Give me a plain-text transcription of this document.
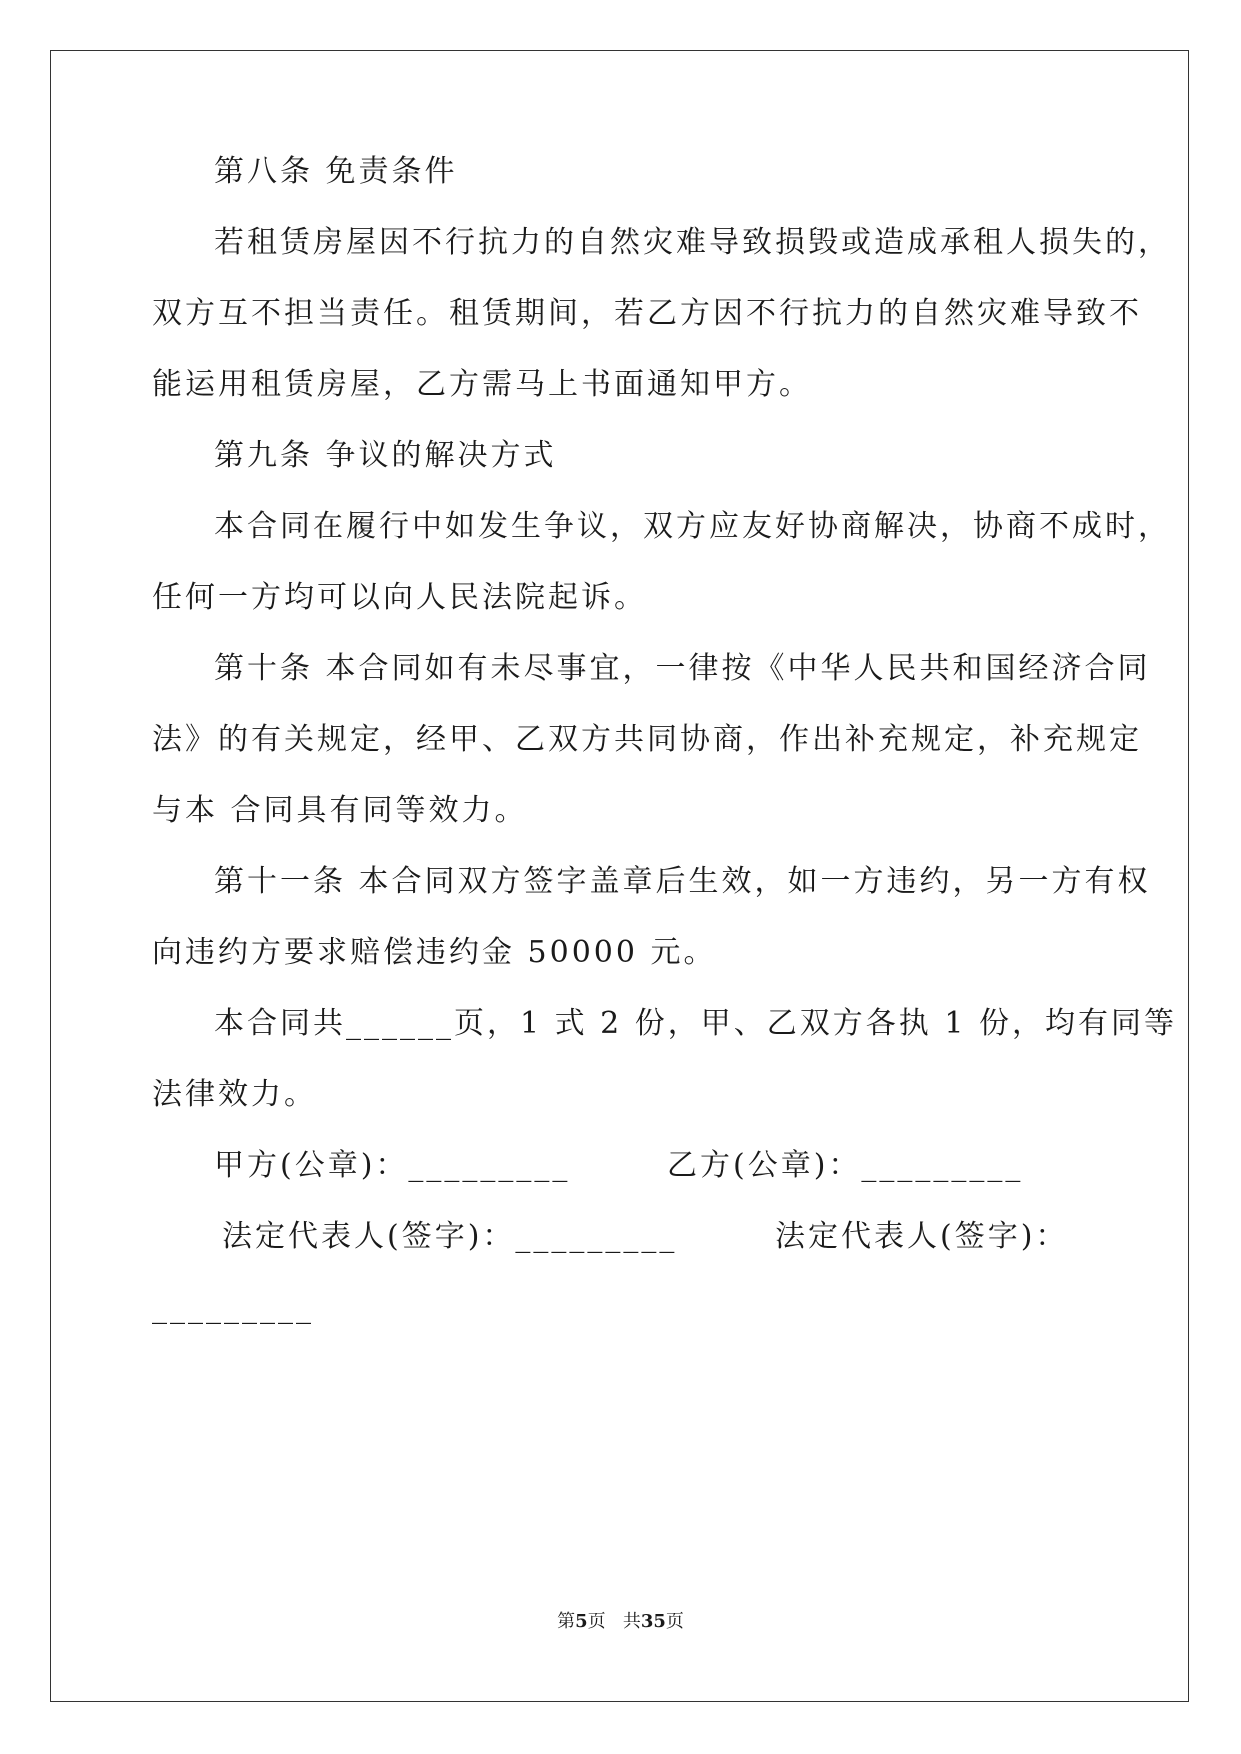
第八条 免责条件
若租赁房屋因不行抗力的自然灾难导致损毁或造成承租人损失的，
双方互不担当责任。租赁期间，若乙方因不行抗力的自然灾难导致不
能运用租赁房屋，乙方需马上书面通知甲方。
第九条 争议的解决方式
本合同在履行中如发生争议，双方应友好协商解决，协商不成时，
任何一方均可以向人民法院起诉。
第十条 本合同如有未尽事宜，一律按《中华人民共和国经济合同
法》的有关规定，经甲、乙双方共同协商，作出补充规定，补充规定
与本 合同具有同等效力。
第十一条 本合同双方签字盖章后生效，如一方违约，另一方有权
向违约方要求赔偿违约金 50000 元。
本合同共______页，1 式 2 份，甲、乙双方各执 1 份，均有同等
法律效力。
甲方(公章)：_________	乙方(公章)：_________
法定代表人(签字)：_________	法定代表人(签字)：
_________
第5页 共35页
